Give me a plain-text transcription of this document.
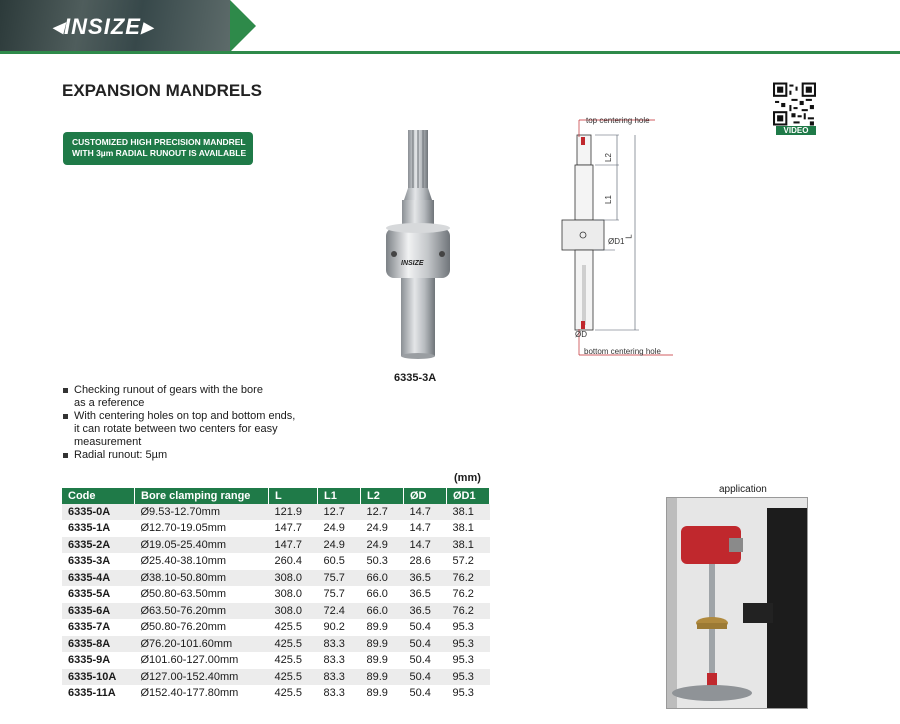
◂INSIZE▸
EXPANSION MANDRELS
CUSTOMIZED HIGH PRECISION MANDREL
WITH 3µm RADIAL RUNOUT IS AVAILABLE
VIDEO
INSIZE
6335-3A
top centering hole
bottom centering hole
L2
L1
ØD1
L
ØD
Checking runout of gears with the bore
as a reference
With centering holes on top and bottom ends,
it can rotate between two centers for easy
measurement
Radial runout: 5µm
(mm)
Code	Bore clamping range	L	L1	L2	ØD	ØD1
6335-0A	Ø9.53-12.70mm	121.9	12.7	12.7	14.7	38.1
6335-1A	Ø12.70-19.05mm	147.7	24.9	24.9	14.7	38.1
6335-2A	Ø19.05-25.40mm	147.7	24.9	24.9	14.7	38.1
6335-3A	Ø25.40-38.10mm	260.4	60.5	50.3	28.6	57.2
6335-4A	Ø38.10-50.80mm	308.0	75.7	66.0	36.5	76.2
6335-5A	Ø50.80-63.50mm	308.0	75.7	66.0	36.5	76.2
6335-6A	Ø63.50-76.20mm	308.0	72.4	66.0	36.5	76.2
6335-7A	Ø50.80-76.20mm	425.5	90.2	89.9	50.4	95.3
6335-8A	Ø76.20-101.60mm	425.5	83.3	89.9	50.4	95.3
6335-9A	Ø101.60-127.00mm	425.5	83.3	89.9	50.4	95.3
6335-10A	Ø127.00-152.40mm	425.5	83.3	89.9	50.4	95.3
6335-11A	Ø152.40-177.80mm	425.5	83.3	89.9	50.4	95.3
application
